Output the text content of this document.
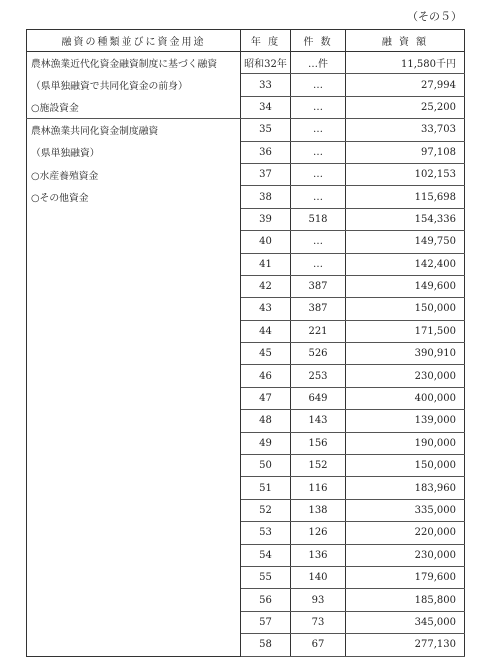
（その５）
融資の種類並びに資金用途	年 度	件 数	融 資 額
農林漁業近代化資金融資制度に基づく融資	昭和32年	…件	11,580千円
（県単独融資で共同化資金の前身）	33	…	27,994
○施設資金	34	…	25,200
農林漁業共同化資金制度融資	35	…	33,703
（県単独融資）	36	…	97,108
○水産養殖資金	37	…	102,153
○その他資金	38	…	115,698
	39	518	154,336
	40	…	149,750
	41	…	142,400
	42	387	149,600
	43	387	150,000
	44	221	171,500
	45	526	390,910
	46	253	230,000
	47	649	400,000
	48	143	139,000
	49	156	190,000
	50	152	150,000
	51	116	183,960
	52	138	335,000
	53	126	220,000
	54	136	230,000
	55	140	179,600
	56	93	185,800
	57	73	345,000
	58	67	277,130
